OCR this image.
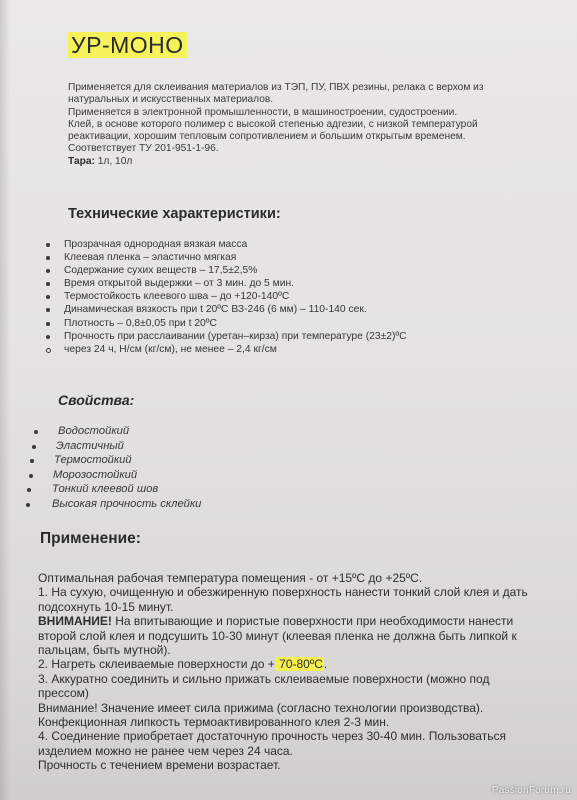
УР-МОНО

Применяется для склеивания материалов из ТЭП, ПУ, ПВХ резины, релака с верхом из

натуральных и искусственных материалов.

Применяется в электронной промышленности, в машиностроении, судостроении.

Клей, в основе которого полимер с высокой степенью адгезии, с низкой температурой

реактивации, хорошим тепловым сопротивлением и большим открытым временем.

Соответствует ТУ 201-951-1-96.

Тара: 1л, 10л

Технические характеристики:
Прозрачная однородная вязкая масса
Клеевая пленка – эластично мягкая
Содержание сухих веществ – 17,5±2,5%
Время открытой выдержки – от 3 мин. до 5 мин.
Термостойкость клеевого шва – до +120-140ºС
Динамическая вязкость при t 20ºС ВЗ-246 (6 мм) – 110-140 сек.
Плотность – 0,8±0,05 при t 20ºС
Прочность при расслаивании (уретан–кирза) при температуре (23±2)ºС
через 24 ч, Н/см (кг/см), не менее – 2,4 кг/см
Свойства:
Водостойкий
Эластичный
Термостойкий
Морозостойкий
Тонкий клеевой шов
Высокая прочность склейки
Применение:

Оптимальная рабочая температура помещения - от +15ºС до +25ºС.

1. На сухую, очищенную и обезжиренную поверхность нанести тонкий слой клея и дать

подсохнуть 10-15 минут.

ВНИМАНИЕ! На впитывающие и пористые поверхности при необходимости нанести

второй слой клея и подсушить 10-30 минут (клеевая пленка не должна быть липкой к

пальцам, быть мутной).

2. Нагреть склеиваемые поверхности до + 70-80ºС.

3. Аккуратно соединить и сильно прижать склеиваемые поверхности (можно под

прессом)

Внимание! Значение имеет сила прижима (согласно технологии производства).

Конфекционная липкость термоактивированного клея 2-3 мин.

4. Соединение приобретает достаточную прочность через 30-40 мин. Пользоваться

изделием можно не ранее чем через 24 часа.

Прочность с течением времени возрастает.

PassionForum.ru
